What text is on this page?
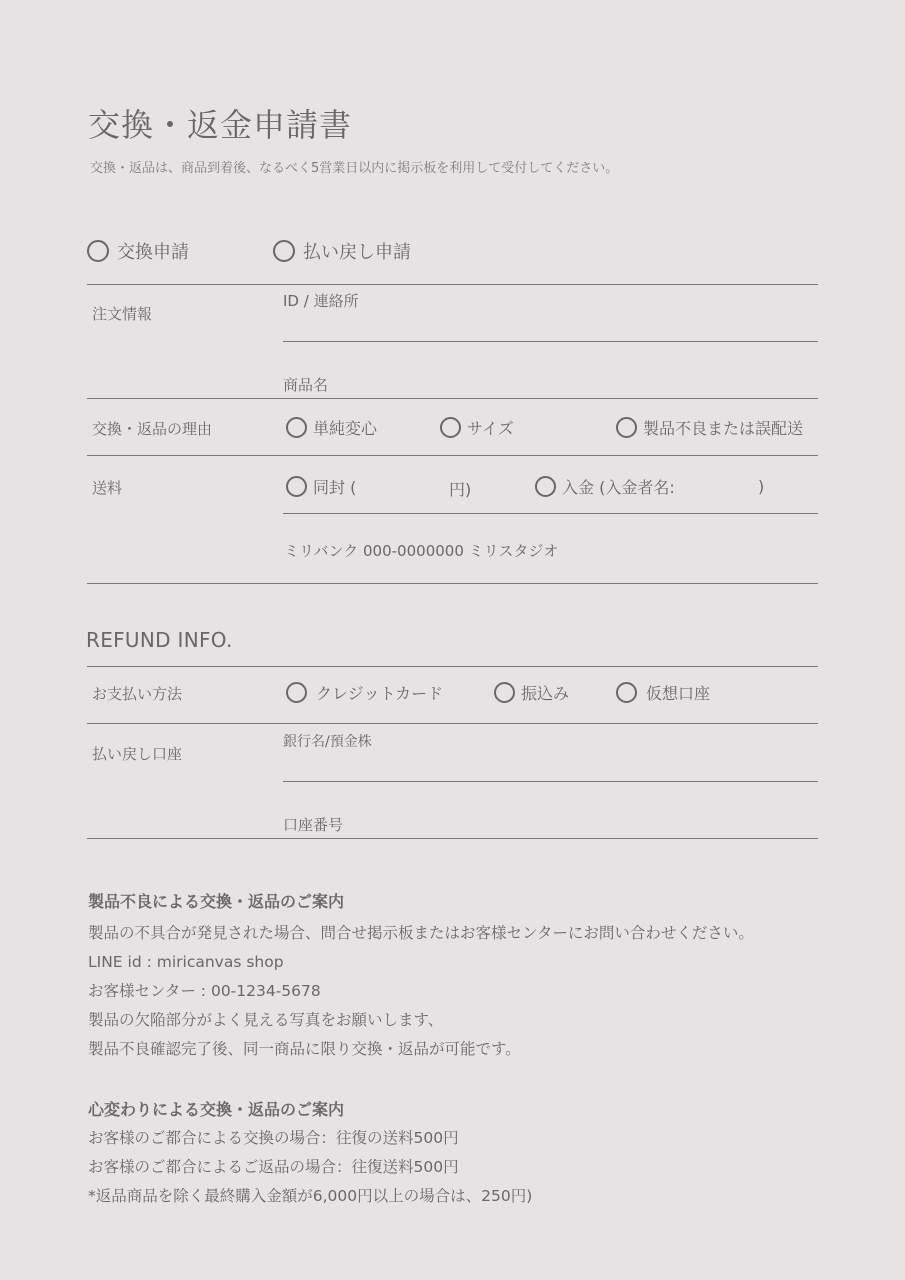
交換・返金申請書
交換・返品は、商品到着後、なるべく5営業日以内に掲示板を利用して受付してください。
交換申請	払い戻し申請
注文情報
ID / 連絡所
商品名
交換・返品の理由	単純変心	サイズ	製品不良または誤配送
送料	同封 (	円)	入金 (入金者名:	)
ミリバンク 000-0000000 ミリスタジオ
REFUND INFO.
お支払い方法	クレジットカード	振込み	仮想口座
払い戻し口座
銀行名/預金株
口座番号
製品不良による交換・返品のご案内
製品の不具合が発見された場合、問合せ掲示板またはお客様センターにお問い合わせください。
LINE id : miricanvas shop
お客様センター : 00-1234-5678
製品の欠陥部分がよく見える写真をお願いします、
製品不良確認完了後、同一商品に限り交換・返品が可能です。
心変わりによる交換・返品のご案内
お客様のご都合による交換の場合：往復の送料500円
お客様のご都合によるご返品の場合：往復送料500円
*返品商品を除く最終購入金額が6,000円以上の場合は、250円)
